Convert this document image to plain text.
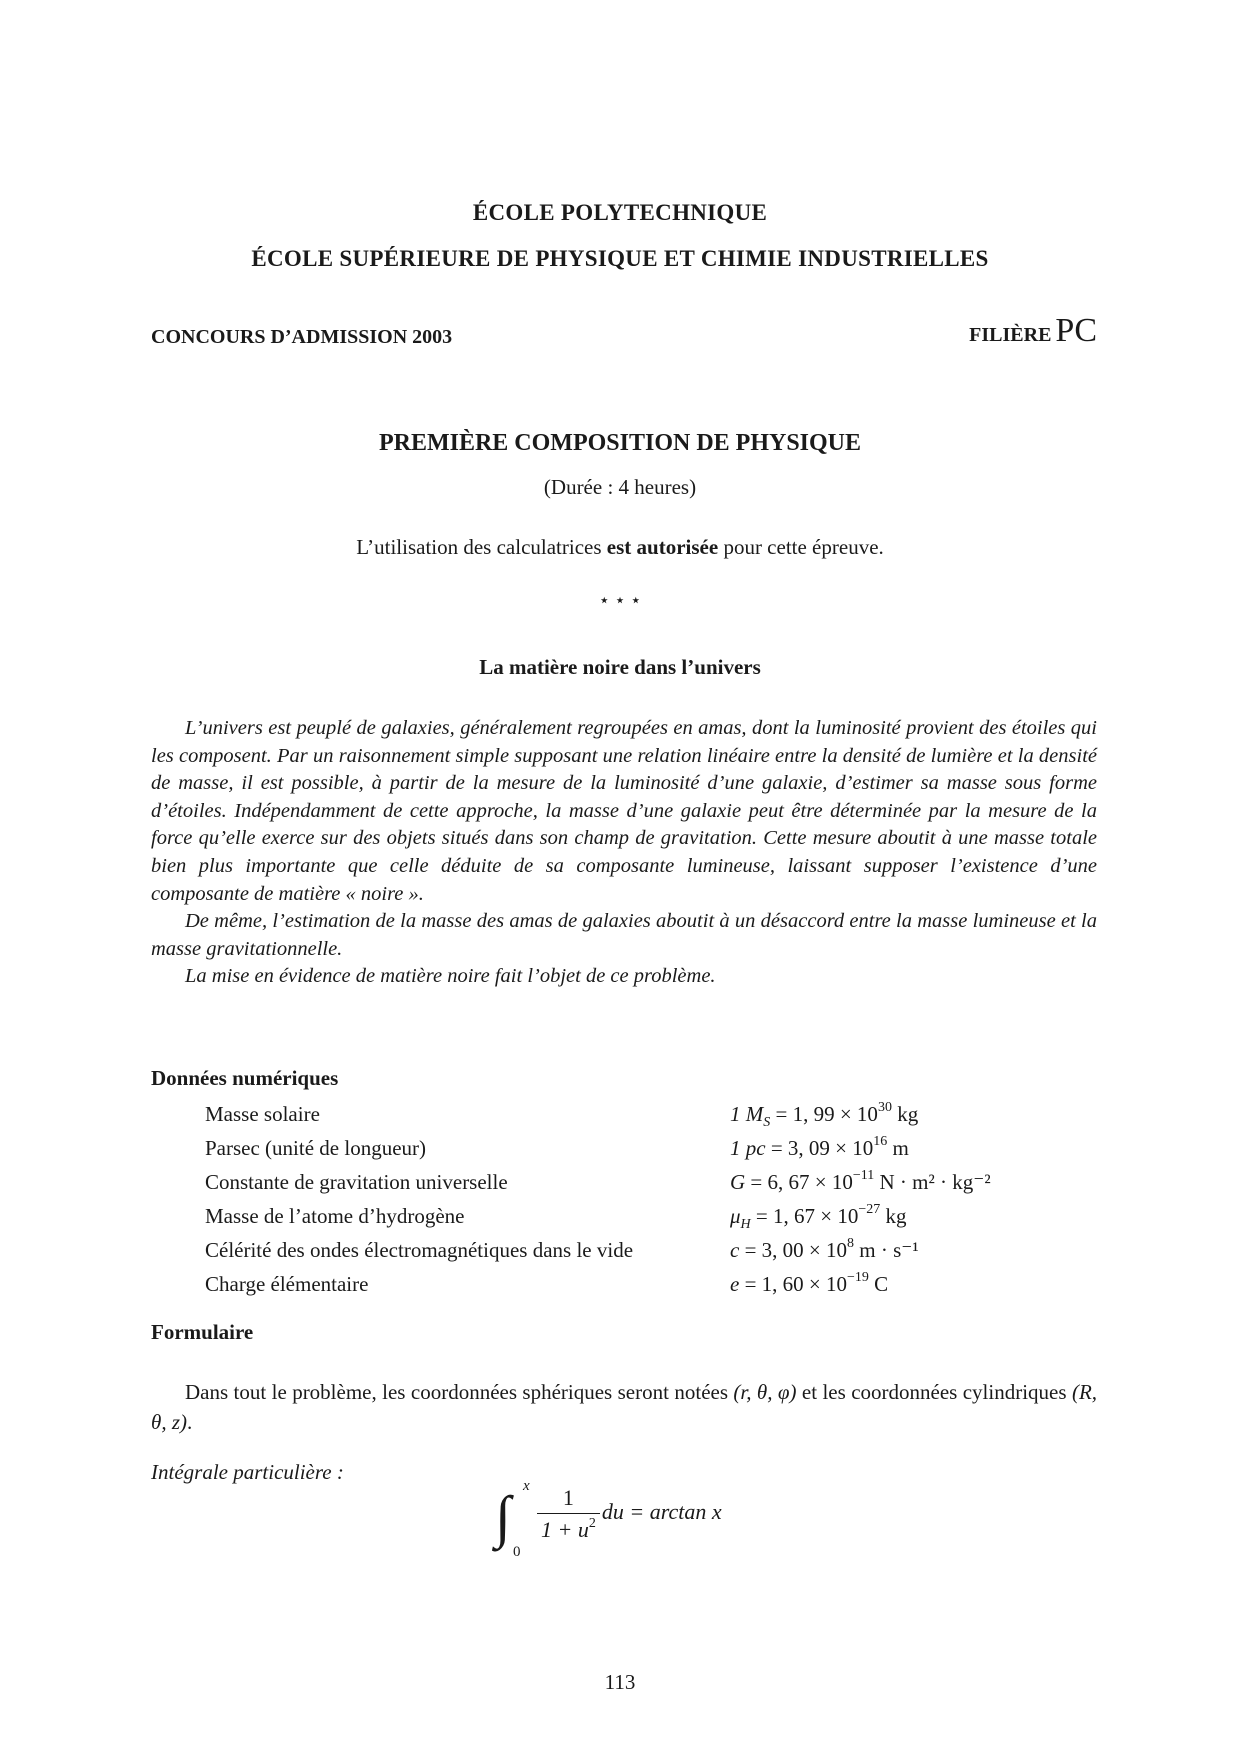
ÉCOLE POLYTECHNIQUE
ÉCOLE SUPÉRIEURE DE PHYSIQUE ET CHIMIE INDUSTRIELLES
CONCOURS D’ADMISSION 2003	FILIÈRE PC
PREMIÈRE COMPOSITION DE PHYSIQUE
(Durée : 4 heures)
L’utilisation des calculatrices est autorisée pour cette épreuve.
⋆ ⋆ ⋆
La matière noire dans l’univers

L’univers est peuplé de galaxies, généralement regroupées en amas, dont la luminosité provient des étoiles qui les composent. Par un raisonnement simple supposant une relation linéaire entre la densité de lumière et la densité de masse, il est possible, à partir de la mesure de la luminosité d’une galaxie, d’estimer sa masse sous forme d’étoiles. Indépendamment de cette approche, la masse d’une galaxie peut être déterminée par la mesure de la force qu’elle exerce sur des objets situés dans son champ de gravitation. Cette mesure aboutit à une masse totale bien plus importante que celle déduite de sa composante lumineuse, laissant supposer l’existence d’une composante de matière « noire ».

De même, l’estimation de la masse des amas de galaxies aboutit à un désaccord entre la masse lumineuse et la masse gravitationnelle.

La mise en évidence de matière noire fait l’objet de ce problème.

Données numériques
Masse solaire	1 $M_S = 1$, $99 \times 10^{30}$ kg
Parsec (unité de longueur)	1 pc = 3, $09 \times 10^{16}$ m
Constante de gravitation universelle	G = 6, $67 \times 10^{-11}$ N · m² · kg⁻²
Masse de l’atome d’hydrogène	$\mu_H = 1$, $67 \times 10^{-27}$ kg
Célérité des ondes électromagnétiques dans le vide	c = 3, $00 \times 10^8$ m · s⁻¹
Charge élémentaire	e = 1, $60 \times 10^{-19}$ C
Formulaire

Dans tout le problème, les coordonnées sphériques seront notées (r, θ, φ) et les coordonnées cylindriques (R, θ, z).

Intégrale particulière :
∫ x
0
$\frac{1}{1 + u^2}$ du = arctan x
113
